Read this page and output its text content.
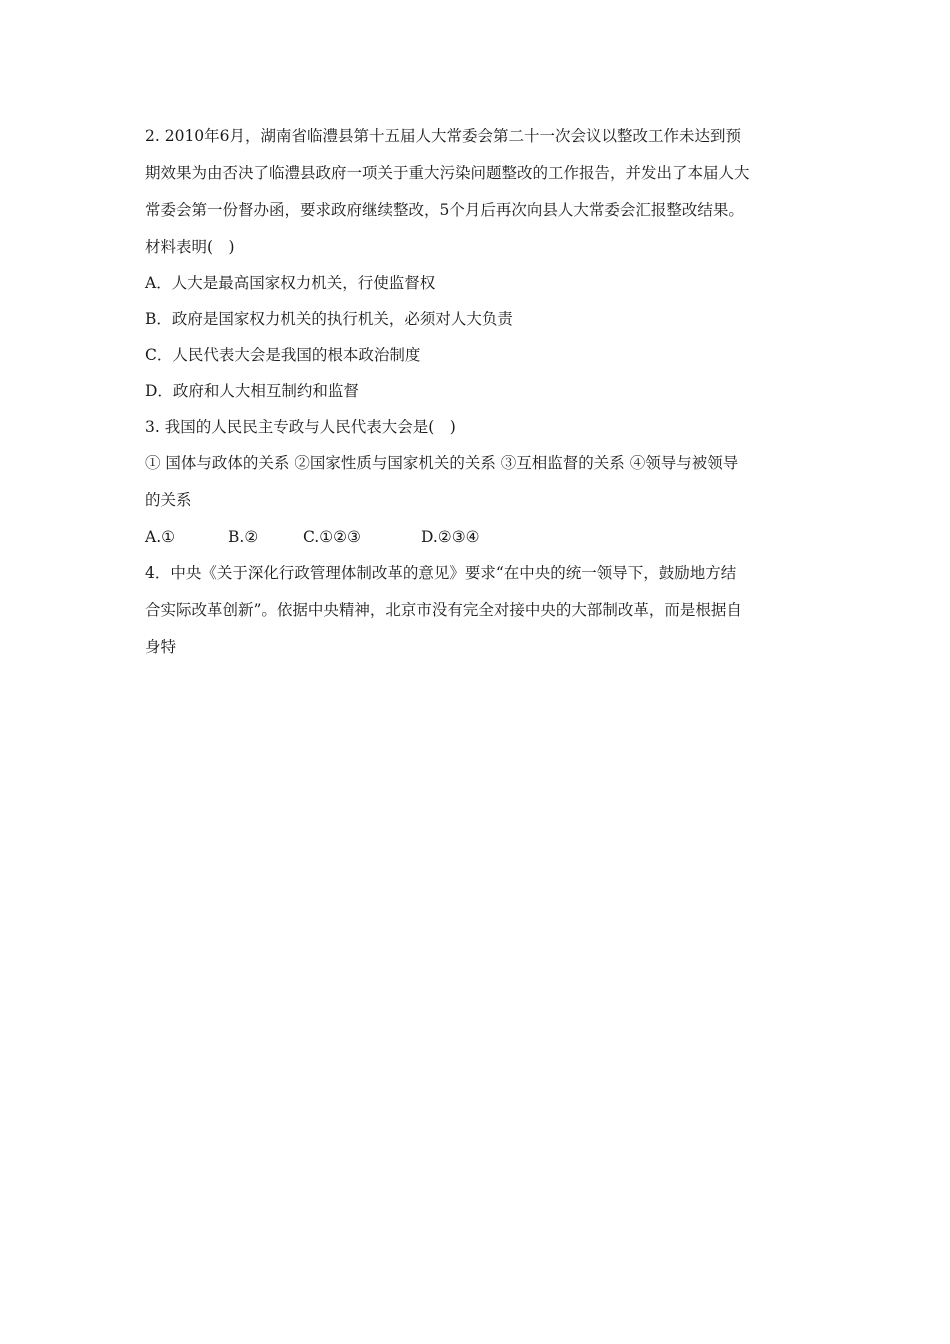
2. 2010年6月，湖南省临澧县第十五届人大常委会第二十一次会议以整改工作未达到预

期效果为由否决了临澧县政府一项关于重大污染问题整改的工作报告，并发出了本届人大

常委会第一份督办函，要求政府继续整改，5个月后再次向县人大常委会汇报整改结果。

材料表明(　)

A．人大是最高国家权力机关，行使监督权

B．政府是国家权力机关的执行机关，必须对人大负责

C．人民代表大会是我国的根本政治制度

D．政府和人大相互制约和监督

3. 我国的人民民主专政与人民代表大会是(　)

① 国体与政体的关系 ②国家性质与国家机关的关系 ③互相监督的关系 ④领导与被领导

的关系

A.①	B.②	C.①②③	D.②③④

4．中央《关于深化行政管理体制改革的意见》要求“在中央的统一领导下，鼓励地方结

合实际改革创新”。依据中央精神，北京市没有完全对接中央的大部制改革，而是根据自

身特
